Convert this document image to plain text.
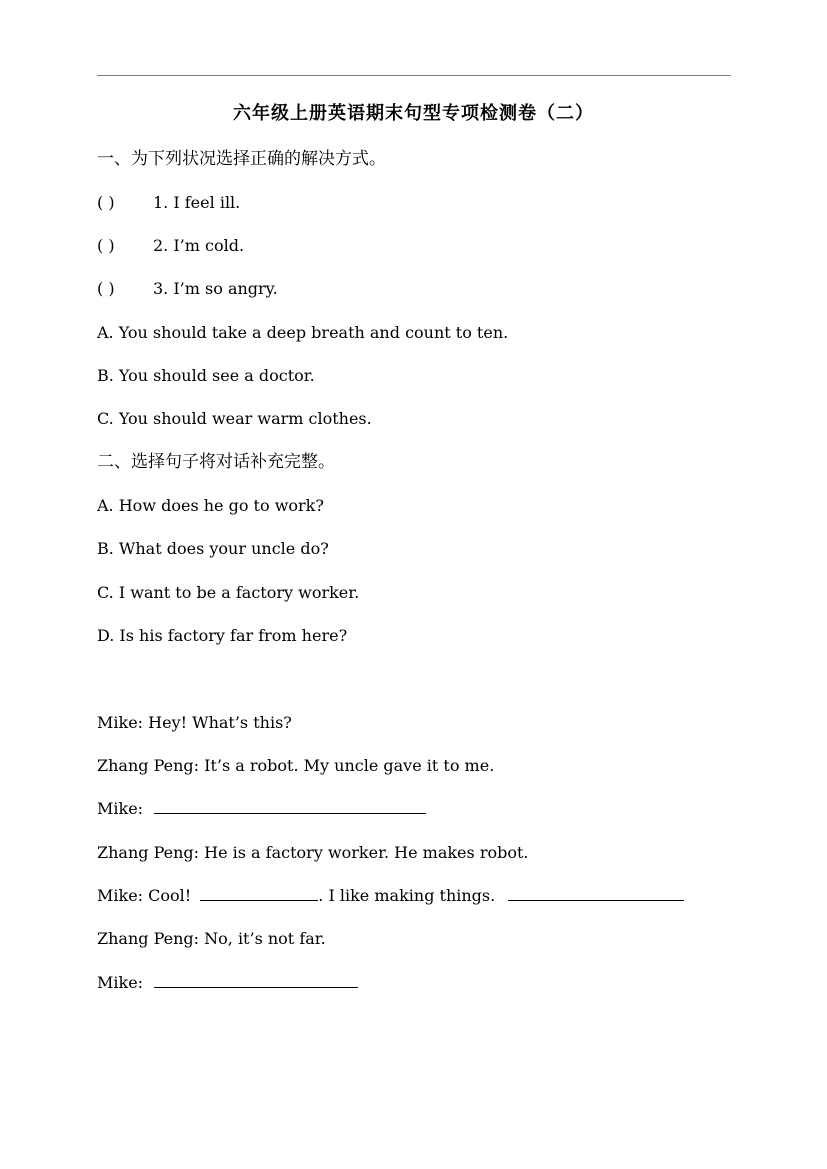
六年级上册英语期末句型专项检测卷（二）
一、为下列状况选择正确的解决方式。
( ) 1. I feel ill.
( ) 2. I’m cold.
( ) 3. I’m so angry.
A. You should take a deep breath and count to ten.
B. You should see a doctor.
C. You should wear warm clothes.
二、选择句子将对话补充完整。
A. How does he go to work?
B. What does your uncle do?
C. I want to be a factory worker.
D. Is his factory far from here?
Mike: Hey! What’s this?
Zhang Peng: It’s a robot. My uncle gave it to me.
Mike:
Zhang Peng: He is a factory worker. He makes robot.
Mike: Cool!	. I like making things.
Zhang Peng: No, it’s not far.
Mike:
